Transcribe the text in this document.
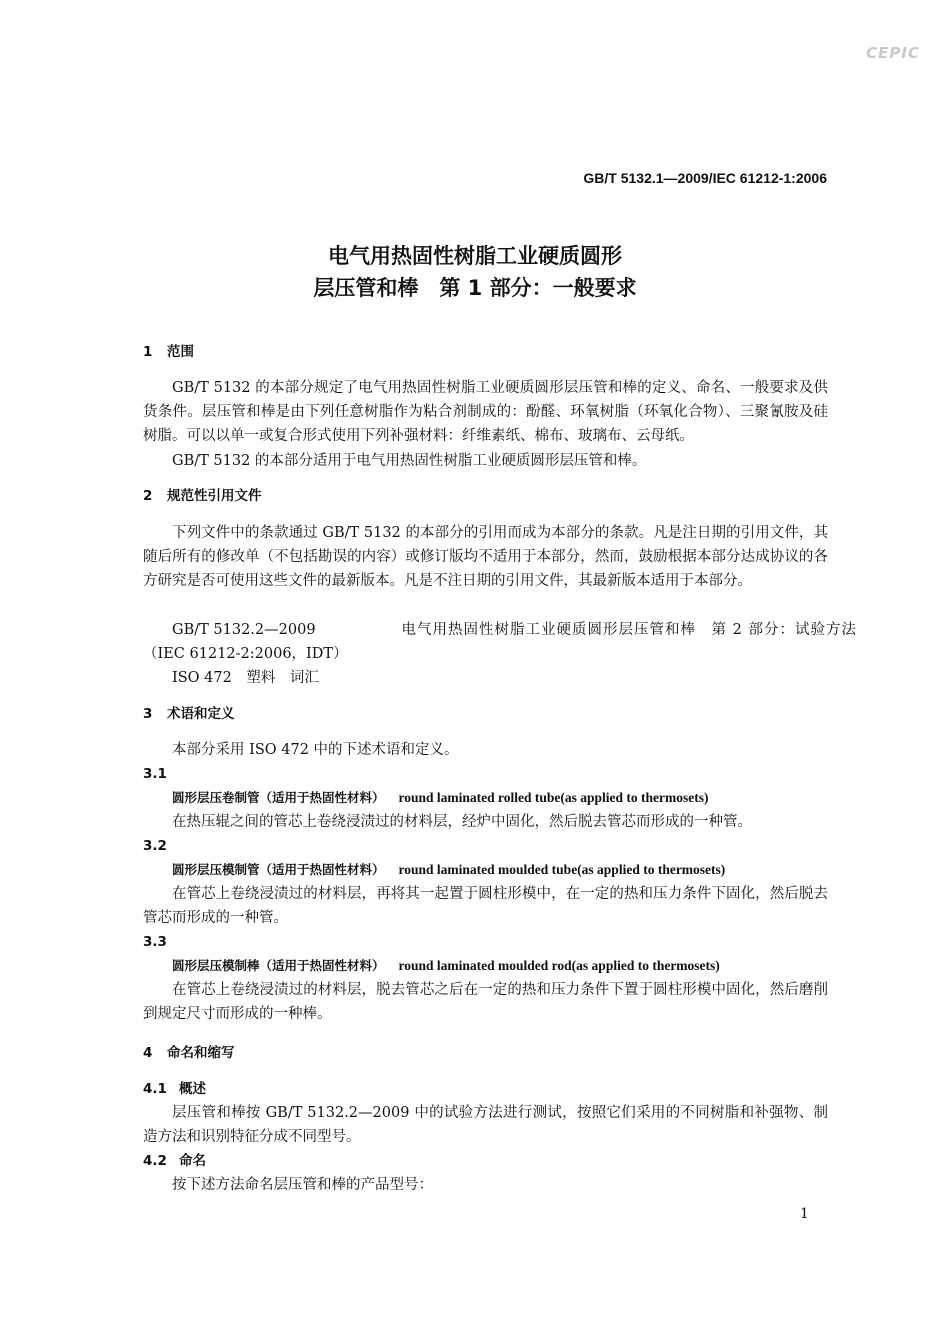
CEPIC
GB/T 5132.1—2009/IEC 61212-1:2006
电气用热固性树脂工业硬质圆形
层压管和棒　第 1 部分：一般要求
1 范围
GB/T 5132 的本部分规定了电气用热固性树脂工业硬质圆形层压管和棒的定义、命名、一般要求及供货条件。层压管和棒是由下列任意树脂作为粘合剂制成的：酚醛、环氧树脂（环氧化合物）、三聚氰胺及硅树脂。可以以单一或复合形式使用下列补强材料：纤维素纸、棉布、玻璃布、云母纸。
GB/T 5132 的本部分适用于电气用热固性树脂工业硬质圆形层压管和棒。
2 规范性引用文件
下列文件中的条款通过 GB/T 5132 的本部分的引用而成为本部分的条款。凡是注日期的引用文件，其随后所有的修改单（不包括勘误的内容）或修订版均不适用于本部分，然而，鼓励根据本部分达成协议的各方研究是否可使用这些文件的最新版本。凡是不注日期的引用文件，其最新版本适用于本部分。
GB/T 5132.2—2009	电气用热固性树脂工业硬质圆形层压管和棒　第 2 部分：试验方法
（IEC 61212-2:2006，IDT）
ISO 472　塑料　词汇
3 术语和定义
本部分采用 ISO 472 中的下述术语和定义。
3.1
圆形层压卷制管（适用于热固性材料） round laminated rolled tube(as applied to thermosets)
在热压辊之间的管芯上卷绕浸渍过的材料层，经炉中固化，然后脱去管芯而形成的一种管。
3.2
圆形层压模制管（适用于热固性材料） round laminated moulded tube(as applied to thermosets)
在管芯上卷绕浸渍过的材料层，再将其一起置于圆柱形模中，在一定的热和压力条件下固化，然后脱去管芯而形成的一种管。
3.3
圆形层压模制棒（适用于热固性材料） round laminated moulded rod(as applied to thermosets)
在管芯上卷绕浸渍过的材料层，脱去管芯之后在一定的热和压力条件下置于圆柱形模中固化，然后磨削到规定尺寸而形成的一种棒。
4 命名和缩写
4.1 概述
层压管和棒按 GB/T 5132.2—2009 中的试验方法进行测试，按照它们采用的不同树脂和补强物、制造方法和识别特征分成不同型号。
4.2 命名
按下述方法命名层压管和棒的产品型号：
1
